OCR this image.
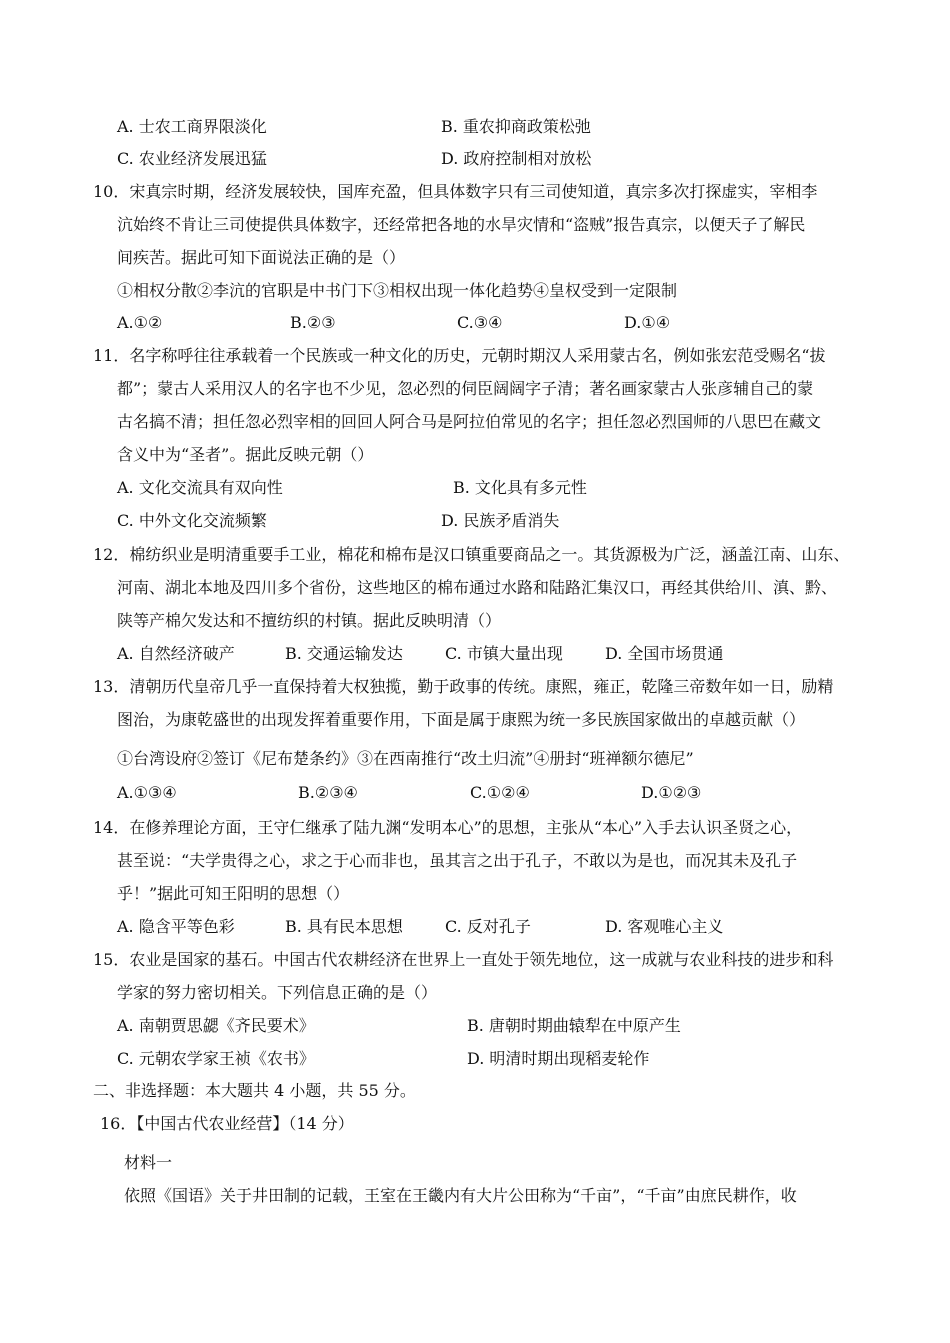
A. 士农工商界限淡化	B. 重农抑商政策松弛
C. 农业经济发展迅猛	D. 政府控制相对放松
10．宋真宗时期，经济发展较快，国库充盈，但具体数字只有三司使知道，真宗多次打探虚实，宰相李
沆始终不肯让三司使提供具体数字，还经常把各地的水旱灾情和“盗贼”报告真宗，以便天子了解民
间疾苦。据此可知下面说法正确的是（）
①相权分散②李沆的官职是中书门下③相权出现一体化趋势④皇权受到一定限制
A.①②	B.②③	C.③④	D.①④
11．名字称呼往往承载着一个民族或一种文化的历史，元朝时期汉人采用蒙古名，例如张宏范受赐名“拔
都”；蒙古人采用汉人的名字也不少见，忽必烈的伺臣阔阔字子清；著名画家蒙古人张彦辅自己的蒙
古名搞不清；担任忽必烈宰相的回回人阿合马是阿拉伯常见的名字；担任忽必烈国师的八思巴在藏文
含义中为“圣者”。据此反映元朝（）
A. 文化交流具有双向性	B. 文化具有多元性
C. 中外文化交流频繁	D. 民族矛盾消失
12．棉纺织业是明清重要手工业，棉花和棉布是汉口镇重要商品之一。其货源极为广泛，涵盖江南、山东、
河南、湖北本地及四川多个省份，这些地区的棉布通过水路和陆路汇集汉口，再经其供给川、滇、黔、
陕等产棉欠发达和不擅纺织的村镇。据此反映明清（）
A. 自然经济破产	B. 交通运输发达	C. 市镇大量出现	D. 全国市场贯通
13．清朝历代皇帝几乎一直保持着大权独揽，勤于政事的传统。康熙，雍正，乾隆三帝数年如一日，励精
图治，为康乾盛世的出现发挥着重要作用，下面是属于康熙为统一多民族国家做出的卓越贡献（）
①台湾设府②签订《尼布楚条约》③在西南推行“改土归流”④册封“班禅额尔德尼”
A.①③④	B.②③④	C.①②④	D.①②③
14．在修养理论方面，王守仁继承了陆九渊“发明本心”的思想，主张从“本心”入手去认识圣贤之心，
甚至说：“夫学贵得之心，求之于心而非也，虽其言之出于孔子，不敢以为是也，而况其未及孔子
乎！”据此可知王阳明的思想（）
A. 隐含平等色彩	B. 具有民本思想	C. 反对孔子	D. 客观唯心主义
15．农业是国家的基石。中国古代农耕经济在世界上一直处于领先地位，这一成就与农业科技的进步和科
学家的努力密切相关。下列信息正确的是（）
A. 南朝贾思勰《齐民要术》	B. 唐朝时期曲辕犁在中原产生
C. 元朝农学家王祯《农书》	D. 明清时期出现稻麦轮作
二、非选择题：本大题共 4 小题，共 55 分。
16．【中国古代农业经营】（14 分）
材料一
依照《国语》关于井田制的记载，王室在王畿内有大片公田称为“千亩”，“千亩”由庶民耕作，收
